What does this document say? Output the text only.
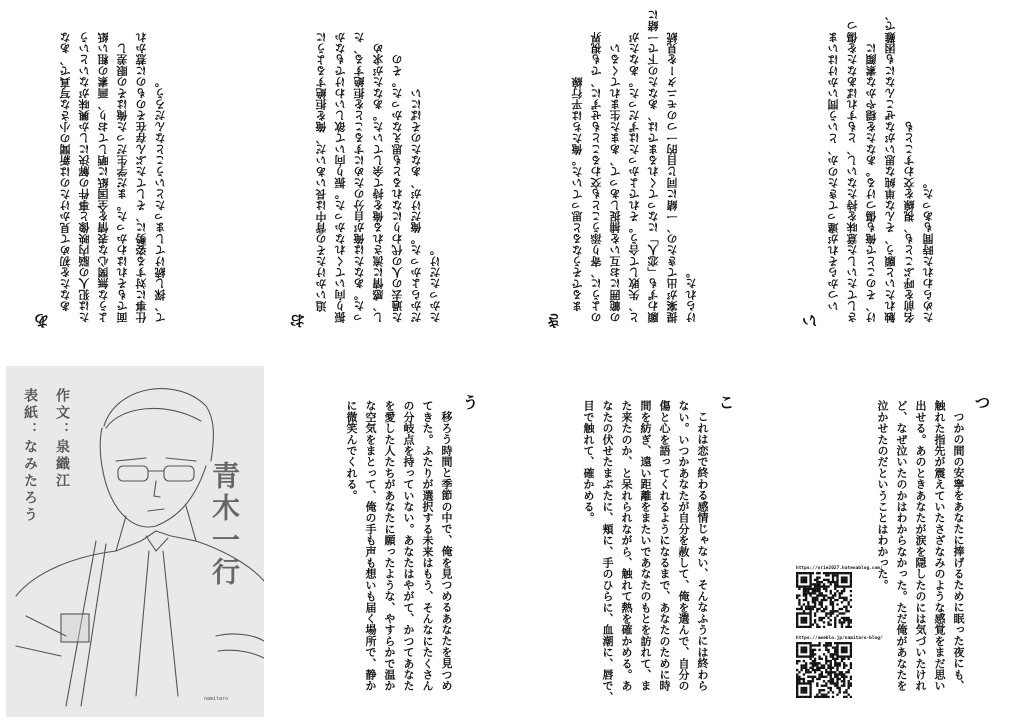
あ
あなたを初めて見かけたのは新聞の小さな写真で、あな たは犯人の脳内映像と事件の解決にしか興味がないという ような無関心な表情を全国紙に晒しており、画素の粗い紙 面でもそれはわかった。まだ学生だった俺はその眼差し 仕事に対する姿勢に、そしてたぶん存在そのものに惹かれ て、探し続けてしまったということなんだろう。	お
追いかけたその背中は長いあいだ、俺を拒絶するように 振り向いてくれなかった。振り向いて欲しいわけでもなか った。あなたは俺が自分のためにすることを拒絶する、た し、感情に流される俺を持て余していた。あなたが求め た過去の人の代わりになれるとも思えなかった。その だからよかった。俺だけが、あなたのそばにい たかっただけ。	き
まるでそうなると思っていた。俺たちは平行線 のように、寄り添うことも交わることもせずに、でも視界 の範囲にお互いを捕捉しあって、あまた生まれてくるい と、失敗して合う。それでよかったはずだった。あなたが 願わずも「恋人」になってくれるまでは、あなたの下で一緒に 提案が出てきたの、一緒に同じ目的一つのモニターを見続 けられた。	い
いつからそれが違ってきたのか、という問いかけはいま さしてたいした意味を持たないし、ともすればあなたを傷つ け、そのことで俺も傷つける。あなたを穏やかな素顔に 触れたいと願う、そんな単純な思いがなぜこんなにも困難で、 名前を呼ぶことも、視線を交わすことも ためらわれた時間もあった。
作文：泉織江
表紙：なみたろう
青木一行
namitaro
う
移ろう時間と季節の中で、俺を見つめるあなたを見つめ
てきた。ふたりが選択する未来はもう、そんなにたくさん
の分岐点を持っていない。あなたはやがて、かつてあなた
を愛した人たちがあなたに願ったような、やすらかで温か
な空気をまとって、俺の手も声も想いも届く場所で、静か
に微笑んでくれる。	こ
これは恋で終わる感情じゃない、そんなふうには終わら
ない。いつかあなたが自分を赦して、俺を選んで、自分の
傷と心を語ってくれるようになるまで、あなたのために時
間を紡ぎ、遠い距離をまたいであなたのもとを訪れて、ま
た来たのか、と呆れられながら、触れて熱を確かめる。あ
なたの伏せたまぶたに、頬に、手のひらに、血潮に、唇で、
目で触れて、確かめる。	つ
つかの間の安寧をあなたに捧げるために眠った夜にも、
触れた指先が震えていたさざなみのような感覚をまだ思い
出せる。あのときあなたが涙を隠したのには気づいたけれ
ど、なぜ泣いたのかはわからなかった。ただ俺があなたを
泣かせたのだということはわかった。
https://orie2027.hatenablog.com/
https://ameblo.jp/namitaro-blog/
